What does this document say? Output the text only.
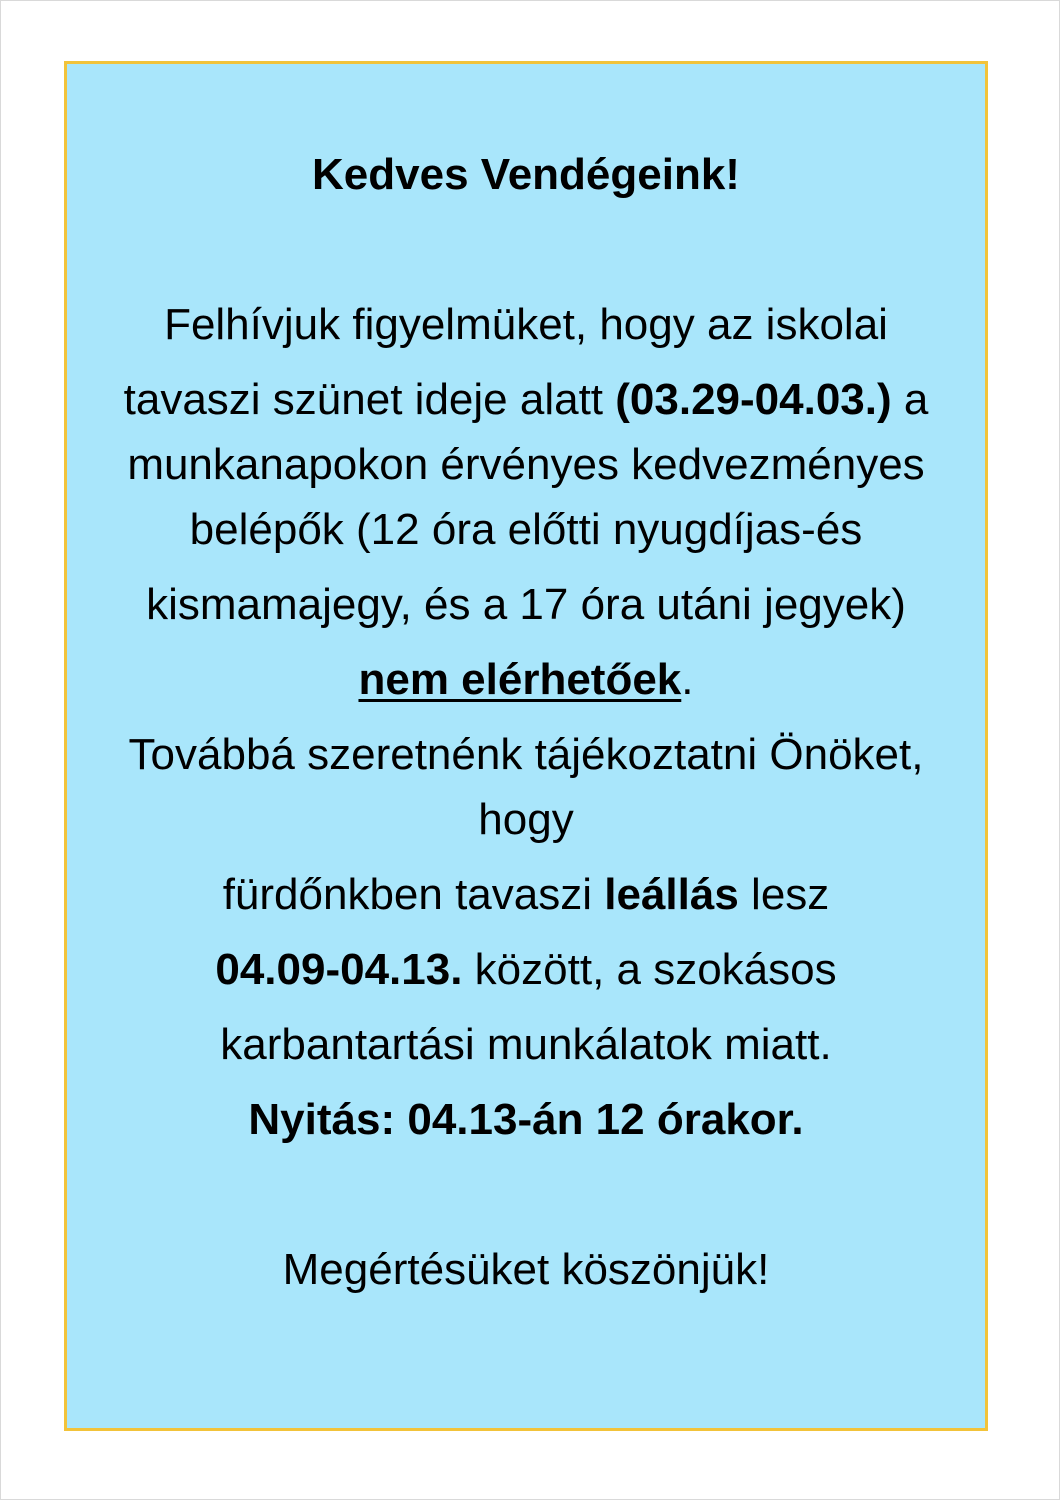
Kedves Vendégeink!
Felhívjuk figyelmüket, hogy az iskolai
tavaszi szünet ideje alatt (03.29-04.03.) a
munkanapokon érvényes kedvezményes
belépők (12 óra előtti nyugdíjas-és
kismamajegy, és a 17 óra utáni jegyek)
nem elérhetőek.
Továbbá szeretnénk tájékoztatni Önöket,
hogy
fürdőnkben tavaszi leállás lesz
04.09-04.13. között, a szokásos
karbantartási munkálatok miatt.
Nyitás: 04.13-án 12 órakor.
Megértésüket köszönjük!
